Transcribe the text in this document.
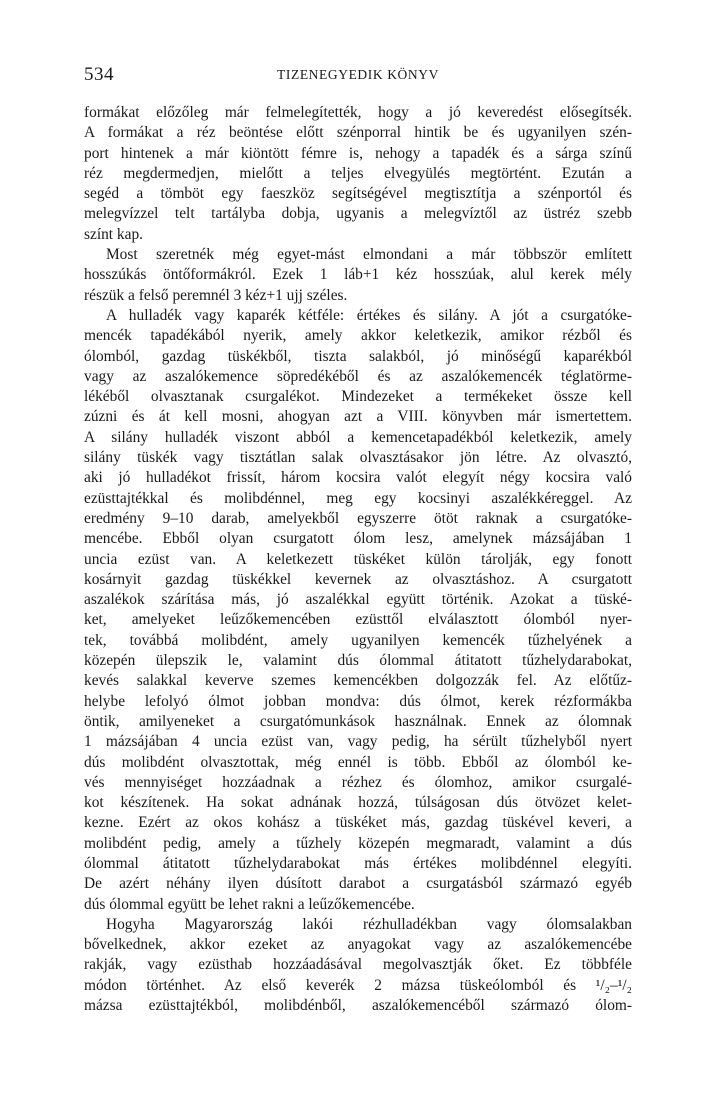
534	TIZENEGYEDIK KÖNYV
formákat előzőleg már felmelegítették, hogy a jó keveredést elősegítsék.
A formákat a réz beöntése előtt szénporral hintik be és ugyanilyen szén-
port hintenek a már kiöntött fémre is, nehogy a tapadék és a sárga színű
réz megdermedjen, mielőtt a teljes elvegyülés megtörtént. Ezután a
segéd a tömböt egy faeszköz segítségével megtisztítja a szénportól és
melegvízzel telt tartályba dobja, ugyanis a melegvíztől az üstréz szebb
színt kap.
Most szeretnék még egyet-mást elmondani a már többször említett
hosszúkás öntőformákról. Ezek 1 láb+1 kéz hosszúak, alul kerek mély
részük a felső peremnél 3 kéz+1 ujj széles.
A hulladék vagy kaparék kétféle: értékes és silány. A jót a csurgatóke-
mencék tapadékából nyerik, amely akkor keletkezik, amikor rézből és
ólomból, gazdag tüskékből, tiszta salakból, jó minőségű kaparékból
vagy az aszalókemence söpredékéből és az aszalókemencék téglatörme-
lékéből olvasztanak csurgalékot. Mindezeket a termékeket össze kell
zúzni és át kell mosni, ahogyan azt a VIII. könyvben már ismertettem.
A silány hulladék viszont abból a kemencetapadékból keletkezik, amely
silány tüskék vagy tisztátlan salak olvasztásakor jön létre. Az olvasztó,
aki jó hulladékot frissít, három kocsira valót elegyít négy kocsira való
ezüsttajtékkal és molibdénnel, meg egy kocsinyi aszalékkéreggel. Az
eredmény 9–10 darab, amelyekből egyszerre ötöt raknak a csurgatóke-
mencébe. Ebből olyan csurgatott ólom lesz, amelynek mázsájában 1
uncia ezüst van. A keletkezett tüskéket külön tárolják, egy fonott
kosárnyit gazdag tüskékkel kevernek az olvasztáshoz. A csurgatott
aszalékok szárítása más, jó aszalékkal együtt történik. Azokat a tüské-
ket, amelyeket leűzőkemencében ezüsttől elválasztott ólomból nyer-
tek, továbbá molibdént, amely ugyanilyen kemencék tűzhelyének a
közepén ülepszik le, valamint dús ólommal átitatott tűzhelydarabokat,
kevés salakkal keverve szemes kemencékben dolgozzák fel. Az előtűz-
helybe lefolyó ólmot jobban mondva: dús ólmot, kerek rézformákba
öntik, amilyeneket a csurgatómunkások használnak. Ennek az ólomnak
1 mázsájában 4 uncia ezüst van, vagy pedig, ha sérült tűzhelyből nyert
dús molibdént olvasztottak, még ennél is több. Ebből az ólomból ke-
vés mennyiséget hozzáadnak a rézhez és ólomhoz, amikor csurgalé-
kot készítenek. Ha sokat adnának hozzá, túlságosan dús ötvözet kelet-
kezne. Ezért az okos kohász a tüskéket más, gazdag tüskével keveri, a
molibdént pedig, amely a tűzhely közepén megmaradt, valamint a dús
ólommal átitatott tűzhelydarabokat más értékes molibdénnel elegyíti.
De azért néhány ilyen dúsított darabot a csurgatásból származó egyéb
dús ólommal együtt be lehet rakni a leűzőkemencébe.
Hogyha Magyarország lakói rézhulladékban vagy ólomsalakban
bővelkednek, akkor ezeket az anyagokat vagy az aszalókemencébe
rakják, vagy ezüsthab hozzáadásával megolvasztják őket. Ez többféle
módon történhet. Az első keverék 2 mázsa tüskeólomból és ¹/₂–¹/₂
mázsa ezüsttajtékból, molibdénből, aszalókemencéből származó ólom-
